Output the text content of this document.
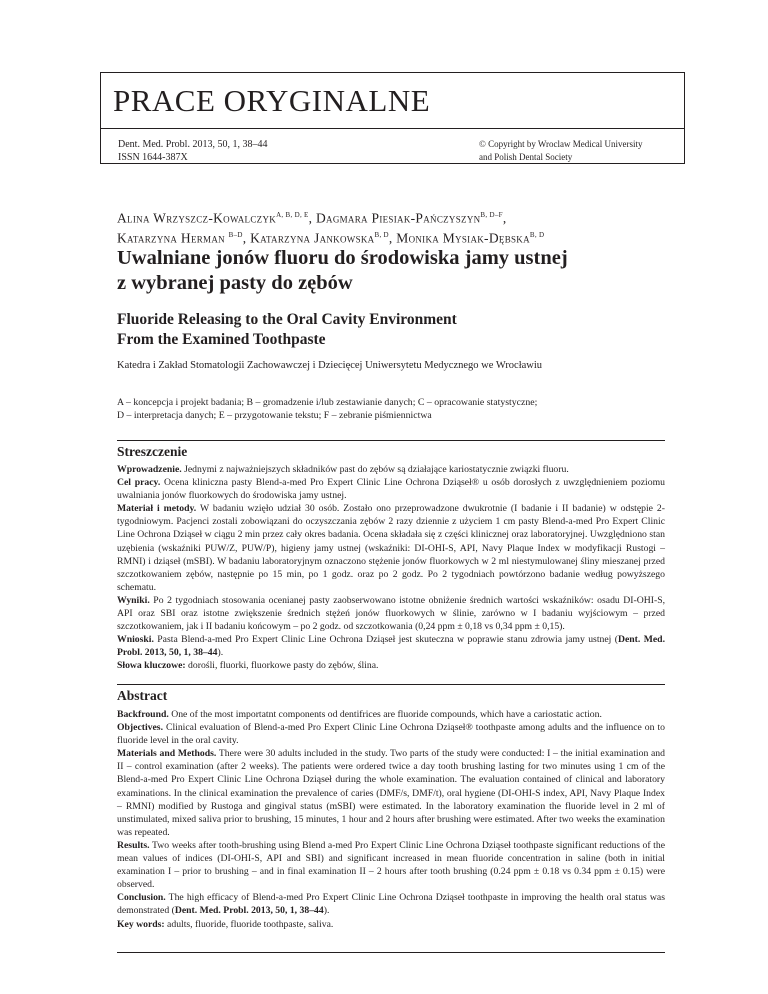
PRACE ORYGINALNE
Dent. Med. Probl. 2013, 50, 1, 38–44
ISSN 1644-387X
© Copyright by Wroclaw Medical University
and Polish Dental Society
Alina Wrzyszcz-Kowalczyk$^{A, B, D, E}$, Dagmara Piesiak-Pańczyszyn$^{B, D-F}$,
Katarzyna Herman $^{B-D}$, Katarzyna Jankowska$^{B, D}$, Monika Mysiak-Dębska$^{B, D}$
Uwalniane jonów fluoru do środowiska jamy ustnej
z wybranej pasty do zębów
Fluoride Releasing to the Oral Cavity Environment
From the Examined Toothpaste
Katedra i Zakład Stomatologii Zachowawczej i Dziecięcej Uniwersytetu Medycznego we Wrocławiu
A – koncepcja i projekt badania; B – gromadzenie i/lub zestawianie danych; C – opracowanie statystyczne;
D – interpretacja danych; E – przygotowanie tekstu; F – zebranie piśmiennictwa
Streszczenie

Wprowadzenie. Jednymi z najważniejszych składników past do zębów są działające kariostatycznie związki fluoru.

Cel pracy. Ocena kliniczna pasty Blend-a-med Pro Expert Clinic Line Ochrona Dziąseł® u osób dorosłych z uwzględnieniem poziomu uwalniania jonów fluorkowych do środowiska jamy ustnej.

Materiał i metody. W badaniu wzięło udział 30 osób. Zostało ono przeprowadzone dwukrotnie (I badanie i II badanie) w odstępie 2-tygodniowym. Pacjenci zostali zobowiązani do oczyszczania zębów 2 razy dziennie z użyciem 1 cm pasty Blend-a-med Pro Expert Clinic Line Ochrona Dziąseł w ciągu 2 min przez cały okres badania. Ocena składała się z części klinicznej oraz laboratoryjnej. Uwzględniono stan uzębienia (wskaźniki PUW/Z, PUW/P), higieny jamy ustnej (wskaźniki: DI-OHI-S, API, Navy Plaque Index w modyfikacji Rustogi – RMNI) i dziąseł (mSBI). W badaniu laboratoryjnym oznaczono stężenie jonów fluorkowych w 2 ml niestymulowanej śliny mieszanej przed szczotkowaniem zębów, następnie po 15 min, po 1 godz. oraz po 2 godz. Po 2 tygodniach powtórzono badanie według powyższego schematu.

Wyniki. Po 2 tygodniach stosowania ocenianej pasty zaobserwowano istotne obniżenie średnich wartości wskaźników: osadu DI-OHI-S, API oraz SBI oraz istotne zwiększenie średnich stężeń jonów fluorkowych w ślinie, zarówno w I badaniu wyjściowym – przed szczotkowaniem, jak i II badaniu końcowym – po 2 godz. od szczotkowania (0,24 ppm ± 0,18 vs 0,34 ppm ± 0,15).

Wnioski. Pasta Blend-a-med Pro Expert Clinic Line Ochrona Dziąseł jest skuteczna w poprawie stanu zdrowia jamy ustnej (Dent. Med. Probl. 2013, 50, 1, 38–44).

Słowa kluczowe: dorośli, fluorki, fluorkowe pasty do zębów, ślina.

Abstract

Backfround. One of the most importatnt components od dentifrices are fluoride compounds, which have a cariostatic action.

Objectives. Clinical evaluation of Blend-a-med Pro Expert Clinic Line Ochrona Dziąseł® toothpaste among adults and the influence on to fluoride level in the oral cavity.

Materials and Methods. There were 30 adults included in the study. Two parts of the study were conducted: I – the initial examination and II – control examination (after 2 weeks). The patients were ordered twice a day tooth brushing lasting for two minutes using 1 cm of the Blend-a-med Pro Expert Clinic Line Ochrona Dziąseł during the whole examination. The evaluation contained of clinical and laboratory examinations. In the clinical examination the prevalence of caries (DMF/s, DMF/t), oral hygiene (DI-OHI-S index, API, Navy Plaque Index – RMNI) modified by Rustoga and gingival status (mSBI) were estimated. In the laboratory examination the fluoride level in 2 ml of unstimulated, mixed saliva prior to brushing, 15 minutes, 1 hour and 2 hours after brushing were estimated. After two weeks the examination was repeated.

Results. Two weeks after tooth-brushing using Blend a-med Pro Expert Clinic Line Ochrona Dziąseł toothpaste significant reductions of the mean values of indices (DI-OHI-S, API and SBI) and significant increased in mean fluoride concentration in saline (both in initial examination I – prior to brushing – and in final examination II – 2 hours after tooth brushing (0.24 ppm ± 0.18 vs 0.34 ppm ± 0.15) were observed.

Conclusion. The high efficacy of Blend-a-med Pro Expert Clinic Line Ochrona Dziąseł toothpaste in improving the health oral status was demonstrated (Dent. Med. Probl. 2013, 50, 1, 38–44).

Key words: adults, fluoride, fluoride toothpaste, saliva.
